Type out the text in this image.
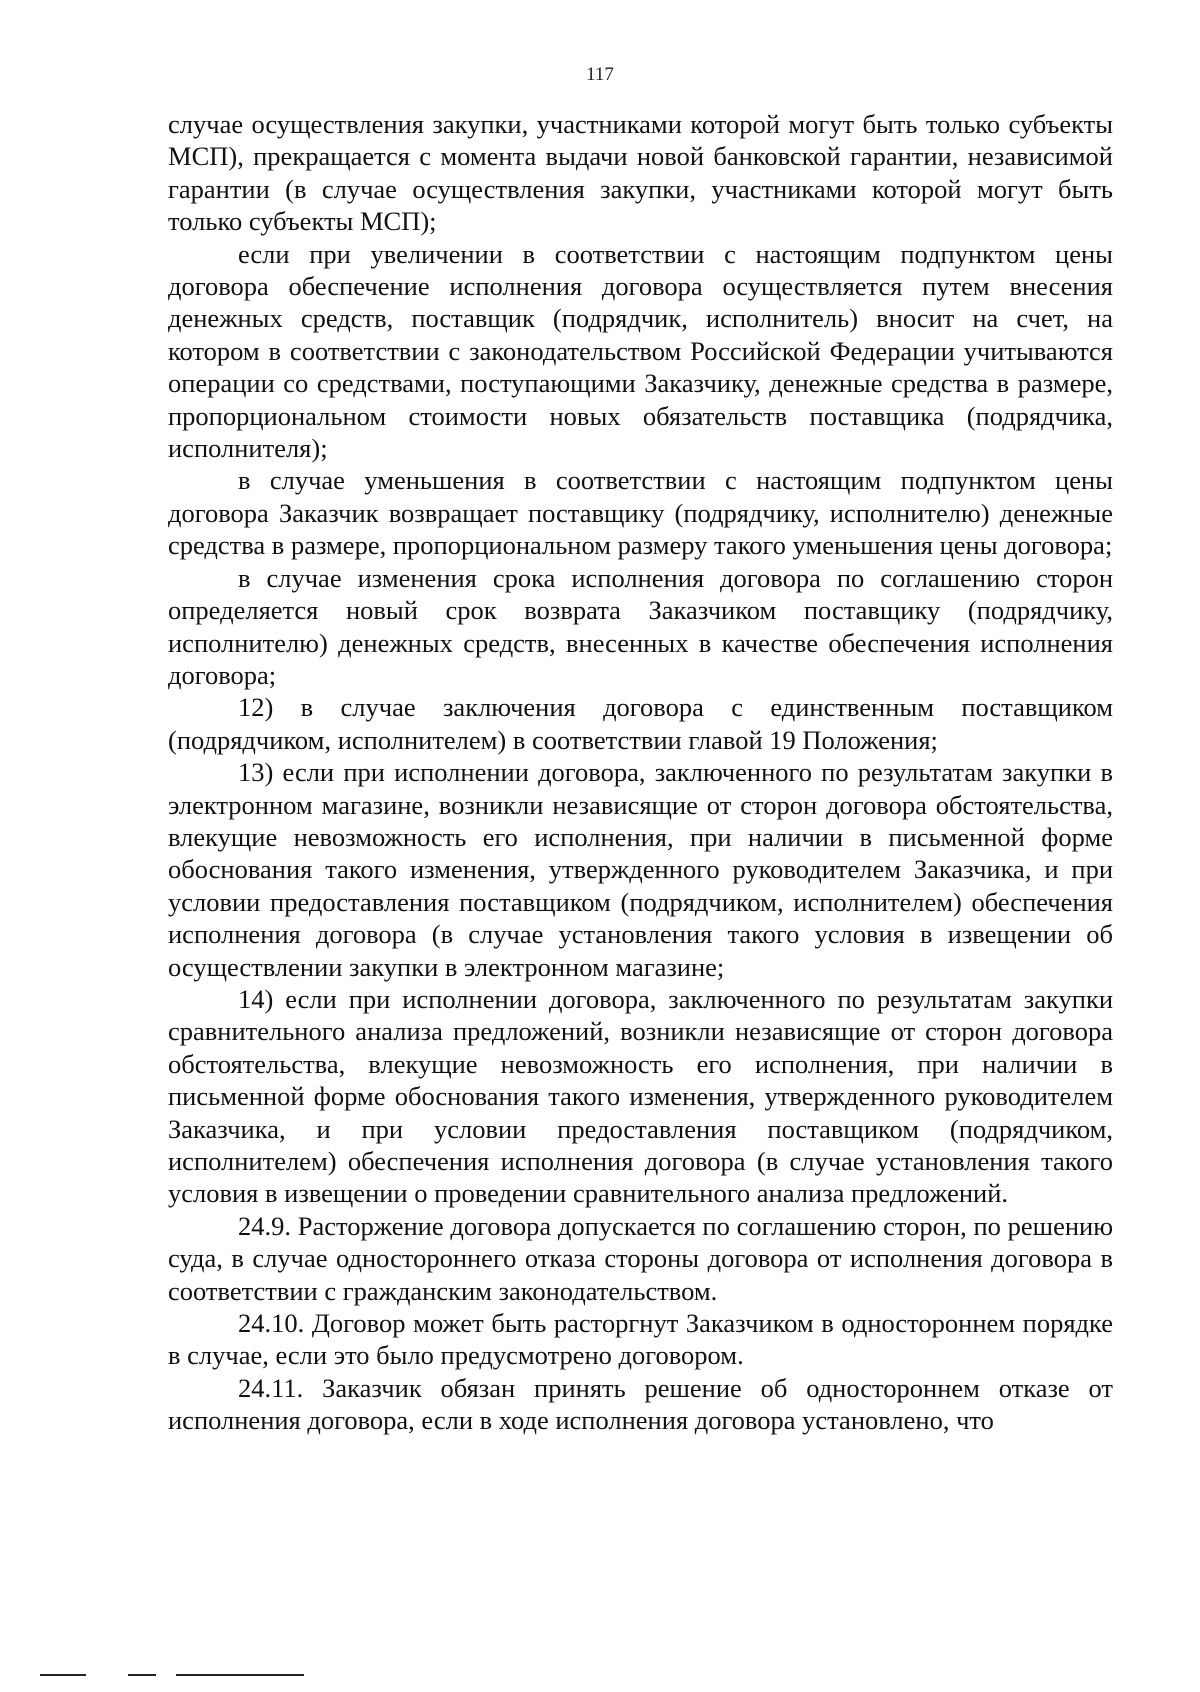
117

случае осуществления закупки, участниками которой могут быть только субъекты МСП), прекращается с момента выдачи новой банковской гарантии, независимой гарантии (в случае осуществления закупки, участниками которой могут быть только субъекты МСП);

если при увеличении в соответствии с настоящим подпунктом цены договора обеспечение исполнения договора осуществляется путем внесения денежных средств, поставщик (подрядчик, исполнитель) вносит на счет, на котором в соответствии с законодательством Российской Федерации учитываются операции со средствами, поступающими Заказчику, денежные средства в размере, пропорциональном стоимости новых обязательств поставщика (подрядчика, исполнителя);

в случае уменьшения в соответствии с настоящим подпунктом цены договора Заказчик возвращает поставщику (подрядчику, исполнителю) денежные средства в размере, пропорциональном размеру такого уменьшения цены договора;

в случае изменения срока исполнения договора по соглашению сторон определяется новый срок возврата Заказчиком поставщику (подрядчику, исполнителю) денежных средств, внесенных в качестве обеспечения исполнения договора;

12) в случае заключения договора с единственным поставщиком (подрядчиком, исполнителем) в соответствии главой 19 Положения;

13) если при исполнении договора, заключенного по результатам закупки в электронном магазине, возникли независящие от сторон договора обстоятельства, влекущие невозможность его исполнения, при наличии в письменной форме обоснования такого изменения, утвержденного руководителем Заказчика, и при условии предоставления поставщиком (подрядчиком, исполнителем) обеспечения исполнения договора (в случае установления такого условия в извещении об осуществлении закупки в электронном магазине;

14) если при исполнении договора, заключенного по результатам закупки сравнительного анализа предложений, возникли независящие от сторон договора обстоятельства, влекущие невозможность его исполнения, при наличии в письменной форме обоснования такого изменения, утвержденного руководителем Заказчика, и при условии предоставления поставщиком (подрядчиком, исполнителем) обеспечения исполнения договора (в случае установления такого условия в извещении о проведении сравнительного анализа предложений.

24.9. Расторжение договора допускается по соглашению сторон, по решению суда, в случае одностороннего отказа стороны договора от исполнения договора в соответствии с гражданским законодательством.

24.10. Договор может быть расторгнут Заказчиком в одностороннем порядке в случае, если это было предусмотрено договором.

24.11. Заказчик обязан принять решение об одностороннем отказе от исполнения договора, если в ходе исполнения договора установлено, что
